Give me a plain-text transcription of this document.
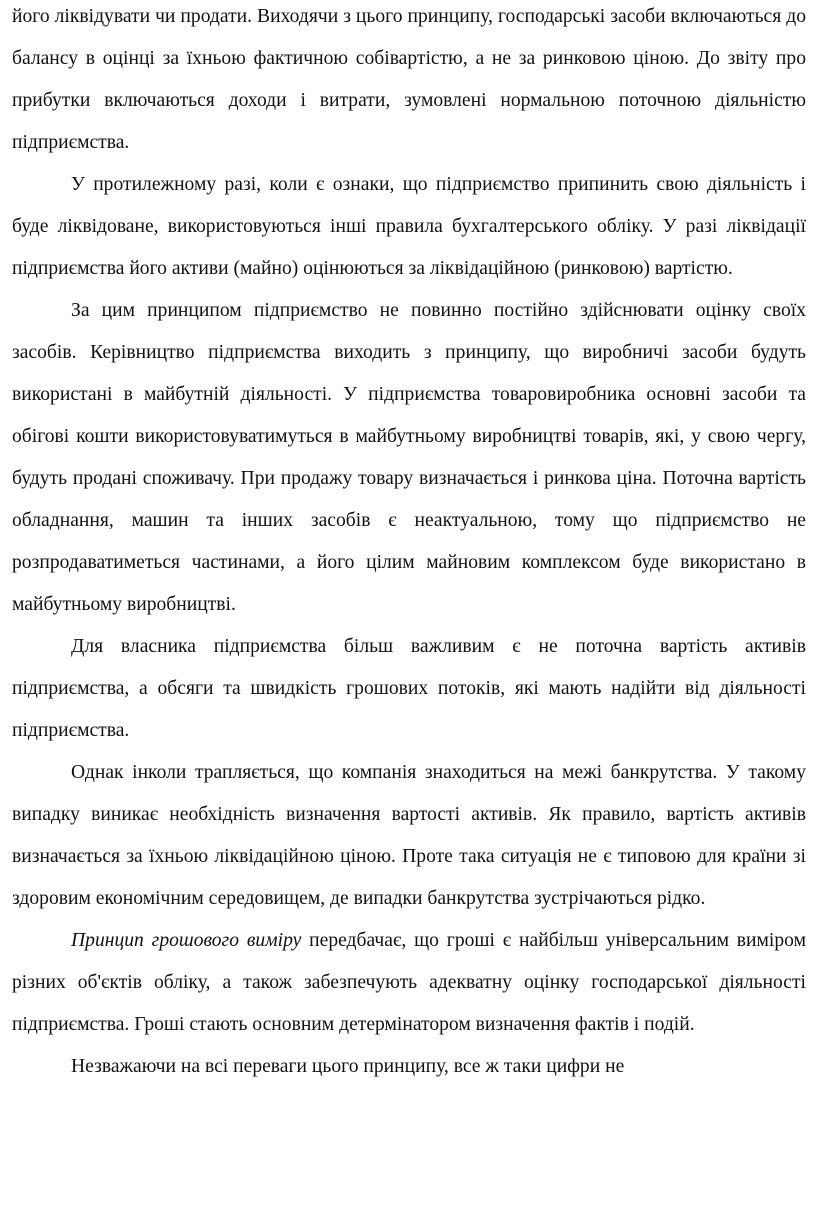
його ліквідувати чи продати. Виходячи з цього принципу, господарські засоби включаються до балансу в оцінці за їхньою фактичною собівартістю, а не за ринковою ціною. До звіту про прибутки включаються доходи і витрати, зумовлені нормальною поточною діяльністю підприємства.

У протилежному разі, коли є ознаки, що підприємство припинить свою діяльність і буде ліквідоване, використовуються інші правила бухгалтерського обліку. У разі ліквідації підприємства його активи (майно) оцінюються за ліквідаційною (ринковою) вартістю.

За цим принципом підприємство не повинно постійно здійснювати оцінку своїх засобів. Керівництво підприємства виходить з принципу, що виробничі засоби будуть використані в майбутній діяльності. У підприємства товаровиробника основні засоби та обігові кошти використовуватимуться в майбутньому виробництві товарів, які, у свою чергу, будуть продані споживачу. При продажу товару визначається і ринкова ціна. Поточна вартість обладнання, машин та інших засобів є неактуальною, тому що підприємство не розпродаватиметься частинами, а його цілим майновим комплексом буде використано в майбутньому виробництві.

Для власника підприємства більш важливим є не поточна вартість активів підприємства, а обсяги та швидкість грошових потоків, які мають надійти від діяльності підприємства.

Однак інколи трапляється, що компанія знаходиться на межі банкрутства. У такому випадку виникає необхідність визначення вартості активів. Як правило, вартість активів визначається за їхньою ліквідаційною ціною. Проте така ситуація не є типовою для країни зі здоровим економічним середовищем, де випадки банкрутства зустрічаються рідко.

Принцип грошового виміру передбачає, що гроші є найбільш універсальним виміром різних об'єктів обліку, а також забезпечують адекватну оцінку господарської діяльності підприємства. Гроші стають основним детермінатором визначення фактів і подій.

Незважаючи на всі переваги цього принципу, все ж таки цифри не
